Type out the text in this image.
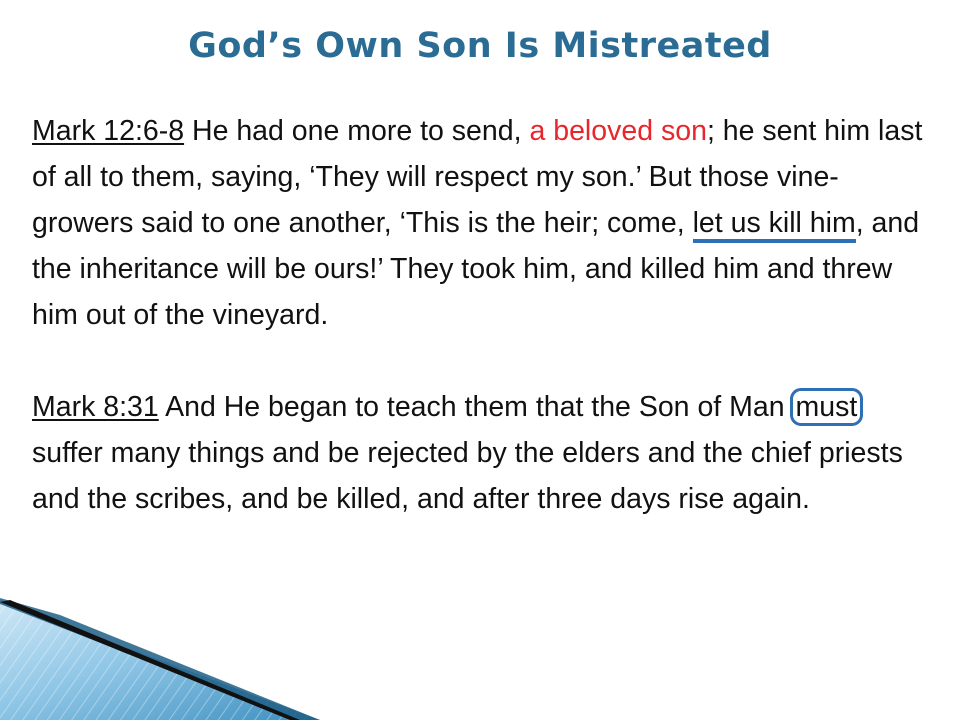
God’s Own Son Is Mistreated

Mark 12:6-8 He had one more to send, a beloved son; he sent him last of all to them, saying, ‘They will respect my son.’ But those vine-growers said to one another, ‘This is the heir; come, let us kill him, and the inheritance will be ours!’ They took him, and killed him and threw him out of the vineyard.

Mark 8:31 And He began to teach them that the Son of Man must suffer many things and be rejected by the elders and the chief priests and the scribes, and be killed, and after three days rise again.
